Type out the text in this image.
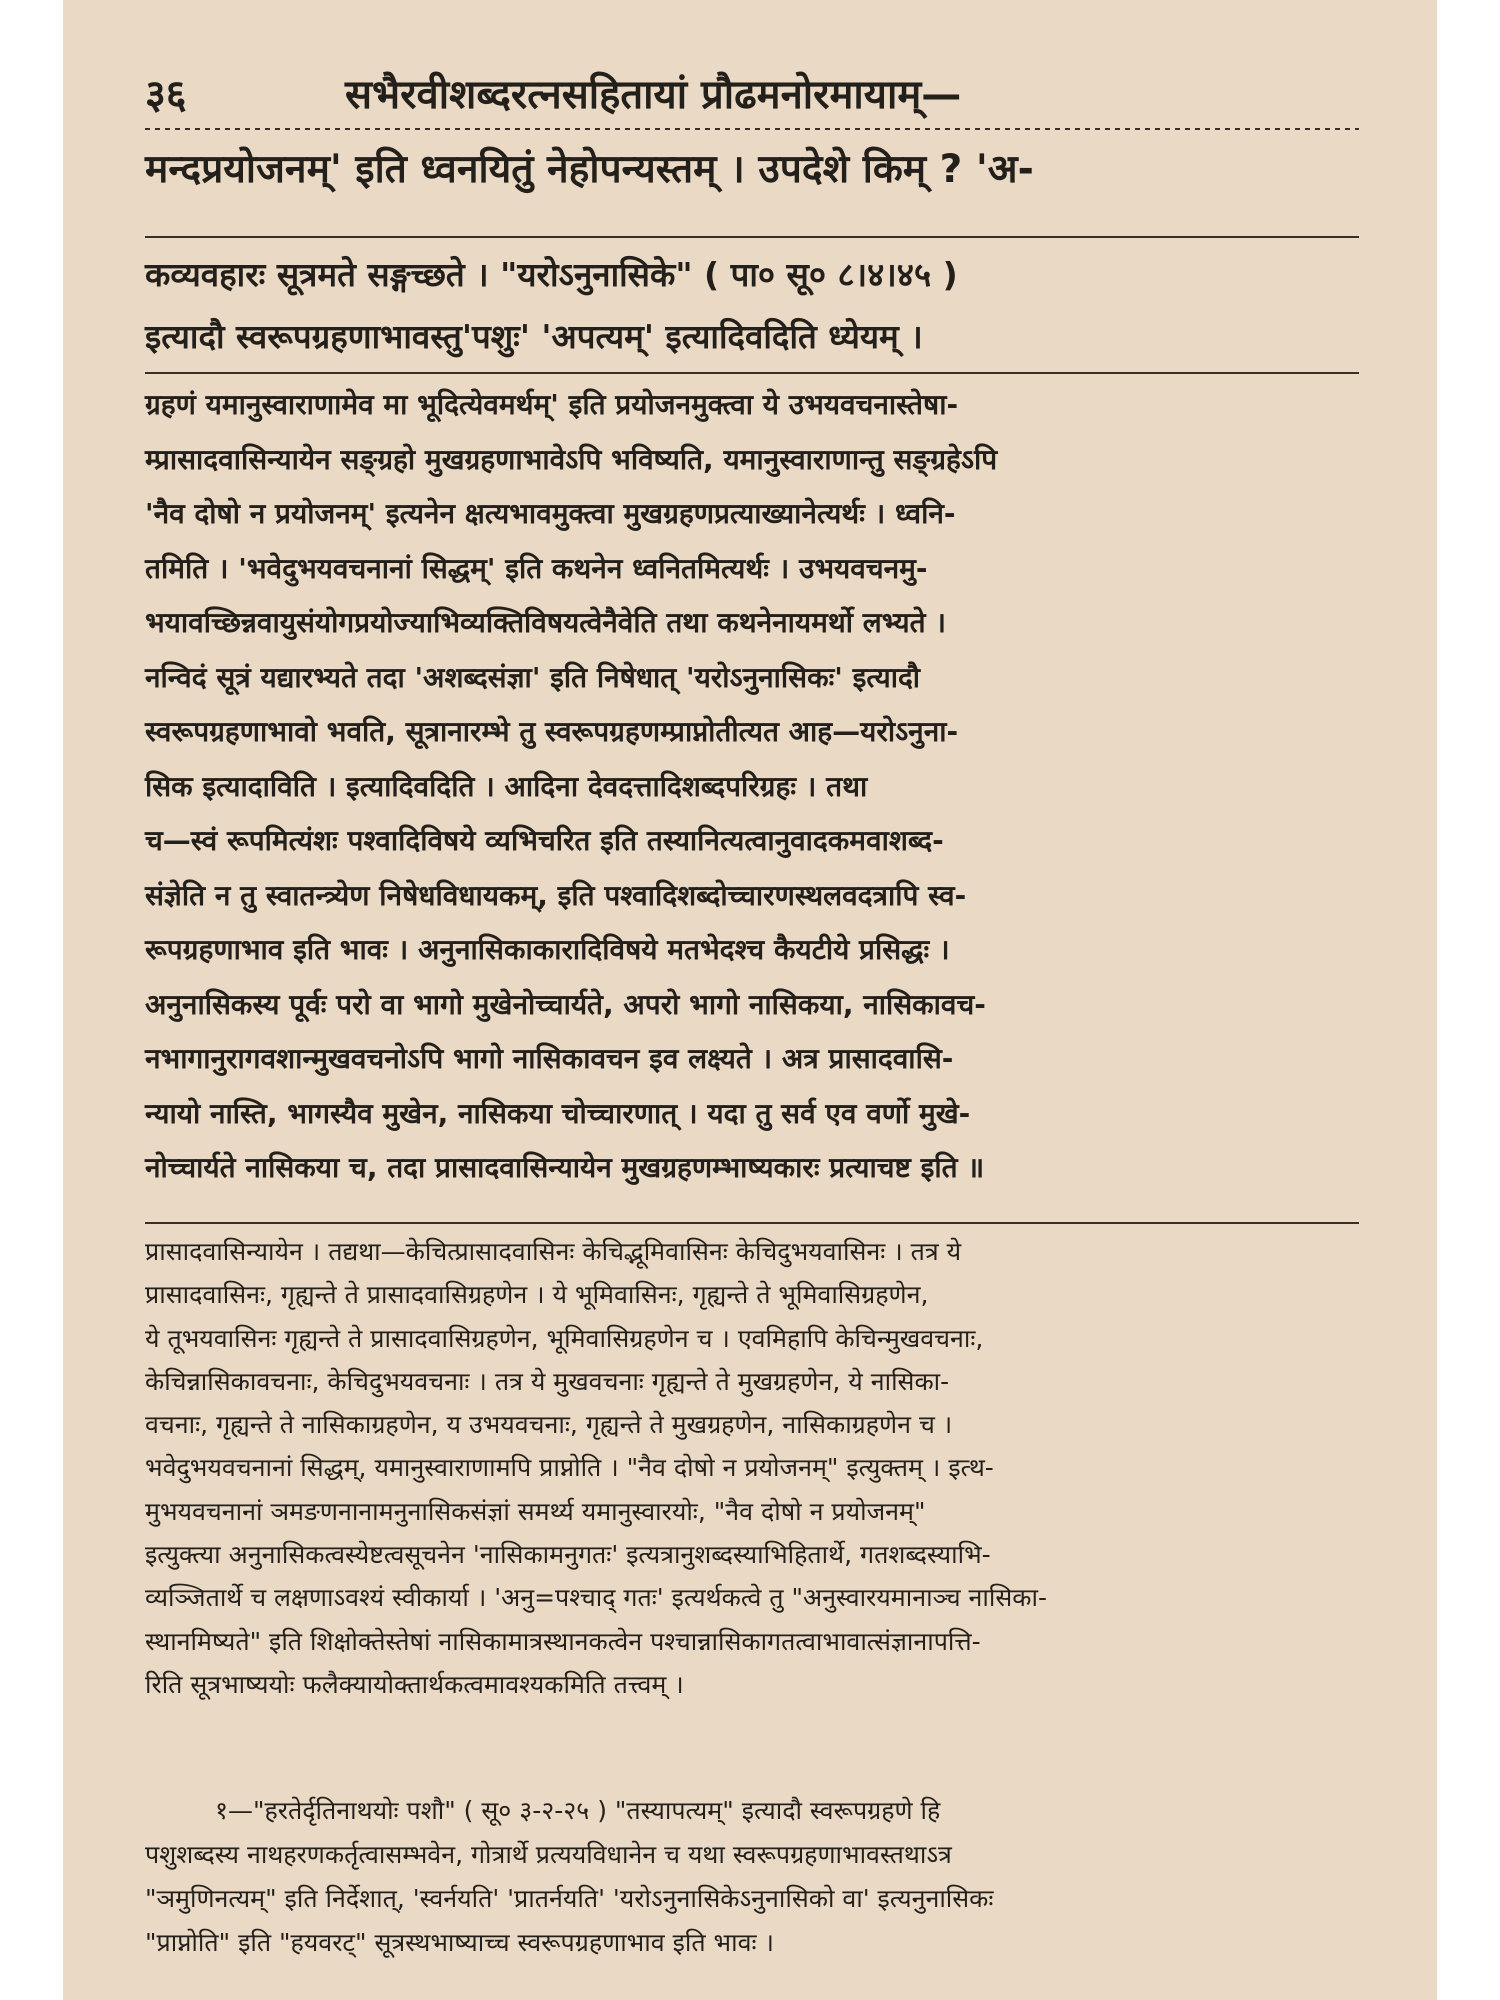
३६	सभैरवीशब्दरत्नसहितायां प्रौढमनोरमायाम्—
मन्दप्रयोजनम्' इति ध्वनयितुं नेहोपन्यस्तम् । उपदेशे किम् ? 'अ-
कव्यवहारः सूत्रमते सङ्गच्छते । "यरोऽनुनासिके" ( पा० सू० ८।४।४५ )
इत्यादौ स्वरूपग्रहणाभावस्तु'पशुः' 'अपत्यम्' इत्यादिवदिति ध्येयम् ।
ग्रहणं यमानुस्वाराणामेव मा भूदित्येवमर्थम्' इति प्रयोजनमुक्त्वा ये उभयवचनास्तेषा-
म्प्रासादवासिन्यायेन सङ्ग्रहो मुखग्रहणाभावेऽपि भविष्यति, यमानुस्वाराणान्तु सङ्ग्रहेऽपि
'नैव दोषो न प्रयोजनम्' इत्यनेन क्षत्यभावमुक्त्वा मुखग्रहणप्रत्याख्यानेत्यर्थः । ध्वनि-
तमिति । 'भवेदुभयवचनानां सिद्धम्' इति कथनेन ध्वनितमित्यर्थः । उभयवचनमु-
भयावच्छिन्नवायुसंयोगप्रयोज्याभिव्यक्तिविषयत्वेनैवेति तथा कथनेनायमर्थो लभ्यते ।
नन्विदं सूत्रं यद्यारभ्यते तदा 'अशब्दसंज्ञा' इति निषेधात् 'यरोऽनुनासिकः' इत्यादौ
स्वरूपग्रहणाभावो भवति, सूत्रानारम्भे तु स्वरूपग्रहणम्प्राप्नोतीत्यत आह—यरोऽनुना-
सिक इत्यादाविति । इत्यादिवदिति । आदिना देवदत्तादिशब्दपरिग्रहः । तथा
च—स्वं रूपमित्यंशः पश्वादिविषये व्यभिचरित इति तस्यानित्यत्वानुवादकमवाशब्द-
संज्ञेति न तु स्वातन्त्र्येण निषेधविधायकम्, इति पश्वादिशब्दोच्चारणस्थलवदत्रापि स्व-
रूपग्रहणाभाव इति भावः । अनुनासिकाकारादिविषये मतभेदश्च कैयटीये प्रसिद्धः ।
अनुनासिकस्य पूर्वः परो वा भागो मुखेनोच्चार्यते, अपरो भागो नासिकया, नासिकावच-
नभागानुरागवशान्मुखवचनोऽपि भागो नासिकावचन इव लक्ष्यते । अत्र प्रासादवासि-
न्यायो नास्ति, भागस्यैव मुखेन, नासिकया चोच्चारणात् । यदा तु सर्व एव वर्णो मुखे-
नोच्चार्यते नासिकया च, तदा प्रासादवासिन्यायेन मुखग्रहणम्भाष्यकारः प्रत्याचष्ट इति ॥
प्रासादवासिन्यायेन । तद्यथा—केचित्प्रासादवासिनः केचिद्भूमिवासिनः केचिदुभयवासिनः । तत्र ये
प्रासादवासिनः, गृह्यन्ते ते प्रासादवासिग्रहणेन । ये भूमिवासिनः, गृह्यन्ते ते भूमिवासिग्रहणेन,
ये तूभयवासिनः गृह्यन्ते ते प्रासादवासिग्रहणेन, भूमिवासिग्रहणेन च । एवमिहापि केचिन्मुखवचनाः,
केचिन्नासिकावचनाः, केचिदुभयवचनाः । तत्र ये मुखवचनाः गृह्यन्ते ते मुखग्रहणेन, ये नासिका-
वचनाः, गृह्यन्ते ते नासिकाग्रहणेन, य उभयवचनाः, गृह्यन्ते ते मुखग्रहणेन, नासिकाग्रहणेन च ।
भवेदुभयवचनानां सिद्धम्, यमानुस्वाराणामपि प्राप्नोति । "नैव दोषो न प्रयोजनम्" इत्युक्तम् । इत्थ-
मुभयवचनानां ञमङणनानामनुनासिकसंज्ञां समर्थ्य यमानुस्वारयोः, "नैव दोषो न प्रयोजनम्"
इत्युक्त्या अनुनासिकत्वस्येष्टत्वसूचनेन 'नासिकामनुगतः' इत्यत्रानुशब्दस्याभिहितार्थे, गतशब्दस्याभि-
व्यञ्जितार्थे च लक्षणाऽवश्यं स्वीकार्या । 'अनु=पश्चाद् गतः' इत्यर्थकत्वे तु "अनुस्वारयमानाञ्च नासिका-
स्थानमिष्यते" इति शिक्षोक्तेस्तेषां नासिकामात्रस्थानकत्वेन पश्चान्नासिकागतत्वाभावात्संज्ञानापत्ति-
रिति सूत्रभाष्ययोः फलैक्यायोक्तार्थकत्वमावश्यकमिति तत्त्वम् ।
१—"हरतेर्दृतिनाथयोः पशौ" ( सू० ३-२-२५ ) "तस्यापत्यम्" इत्यादौ स्वरूपग्रहणे हि
पशुशब्दस्य नाथहरणकर्तृत्वासम्भवेन, गोत्रार्थे प्रत्ययविधानेन च यथा स्वरूपग्रहणाभावस्तथाऽत्र
"ञमुणिनत्यम्" इति निर्देशात्, 'स्वर्नयति' 'प्रातर्नयति' 'यरोऽनुनासिकेऽनुनासिको वा' इत्यनुनासिकः
"प्राप्नोति" इति "हयवरट्" सूत्रस्थभाष्याच्च स्वरूपग्रहणाभाव इति भावः ।
